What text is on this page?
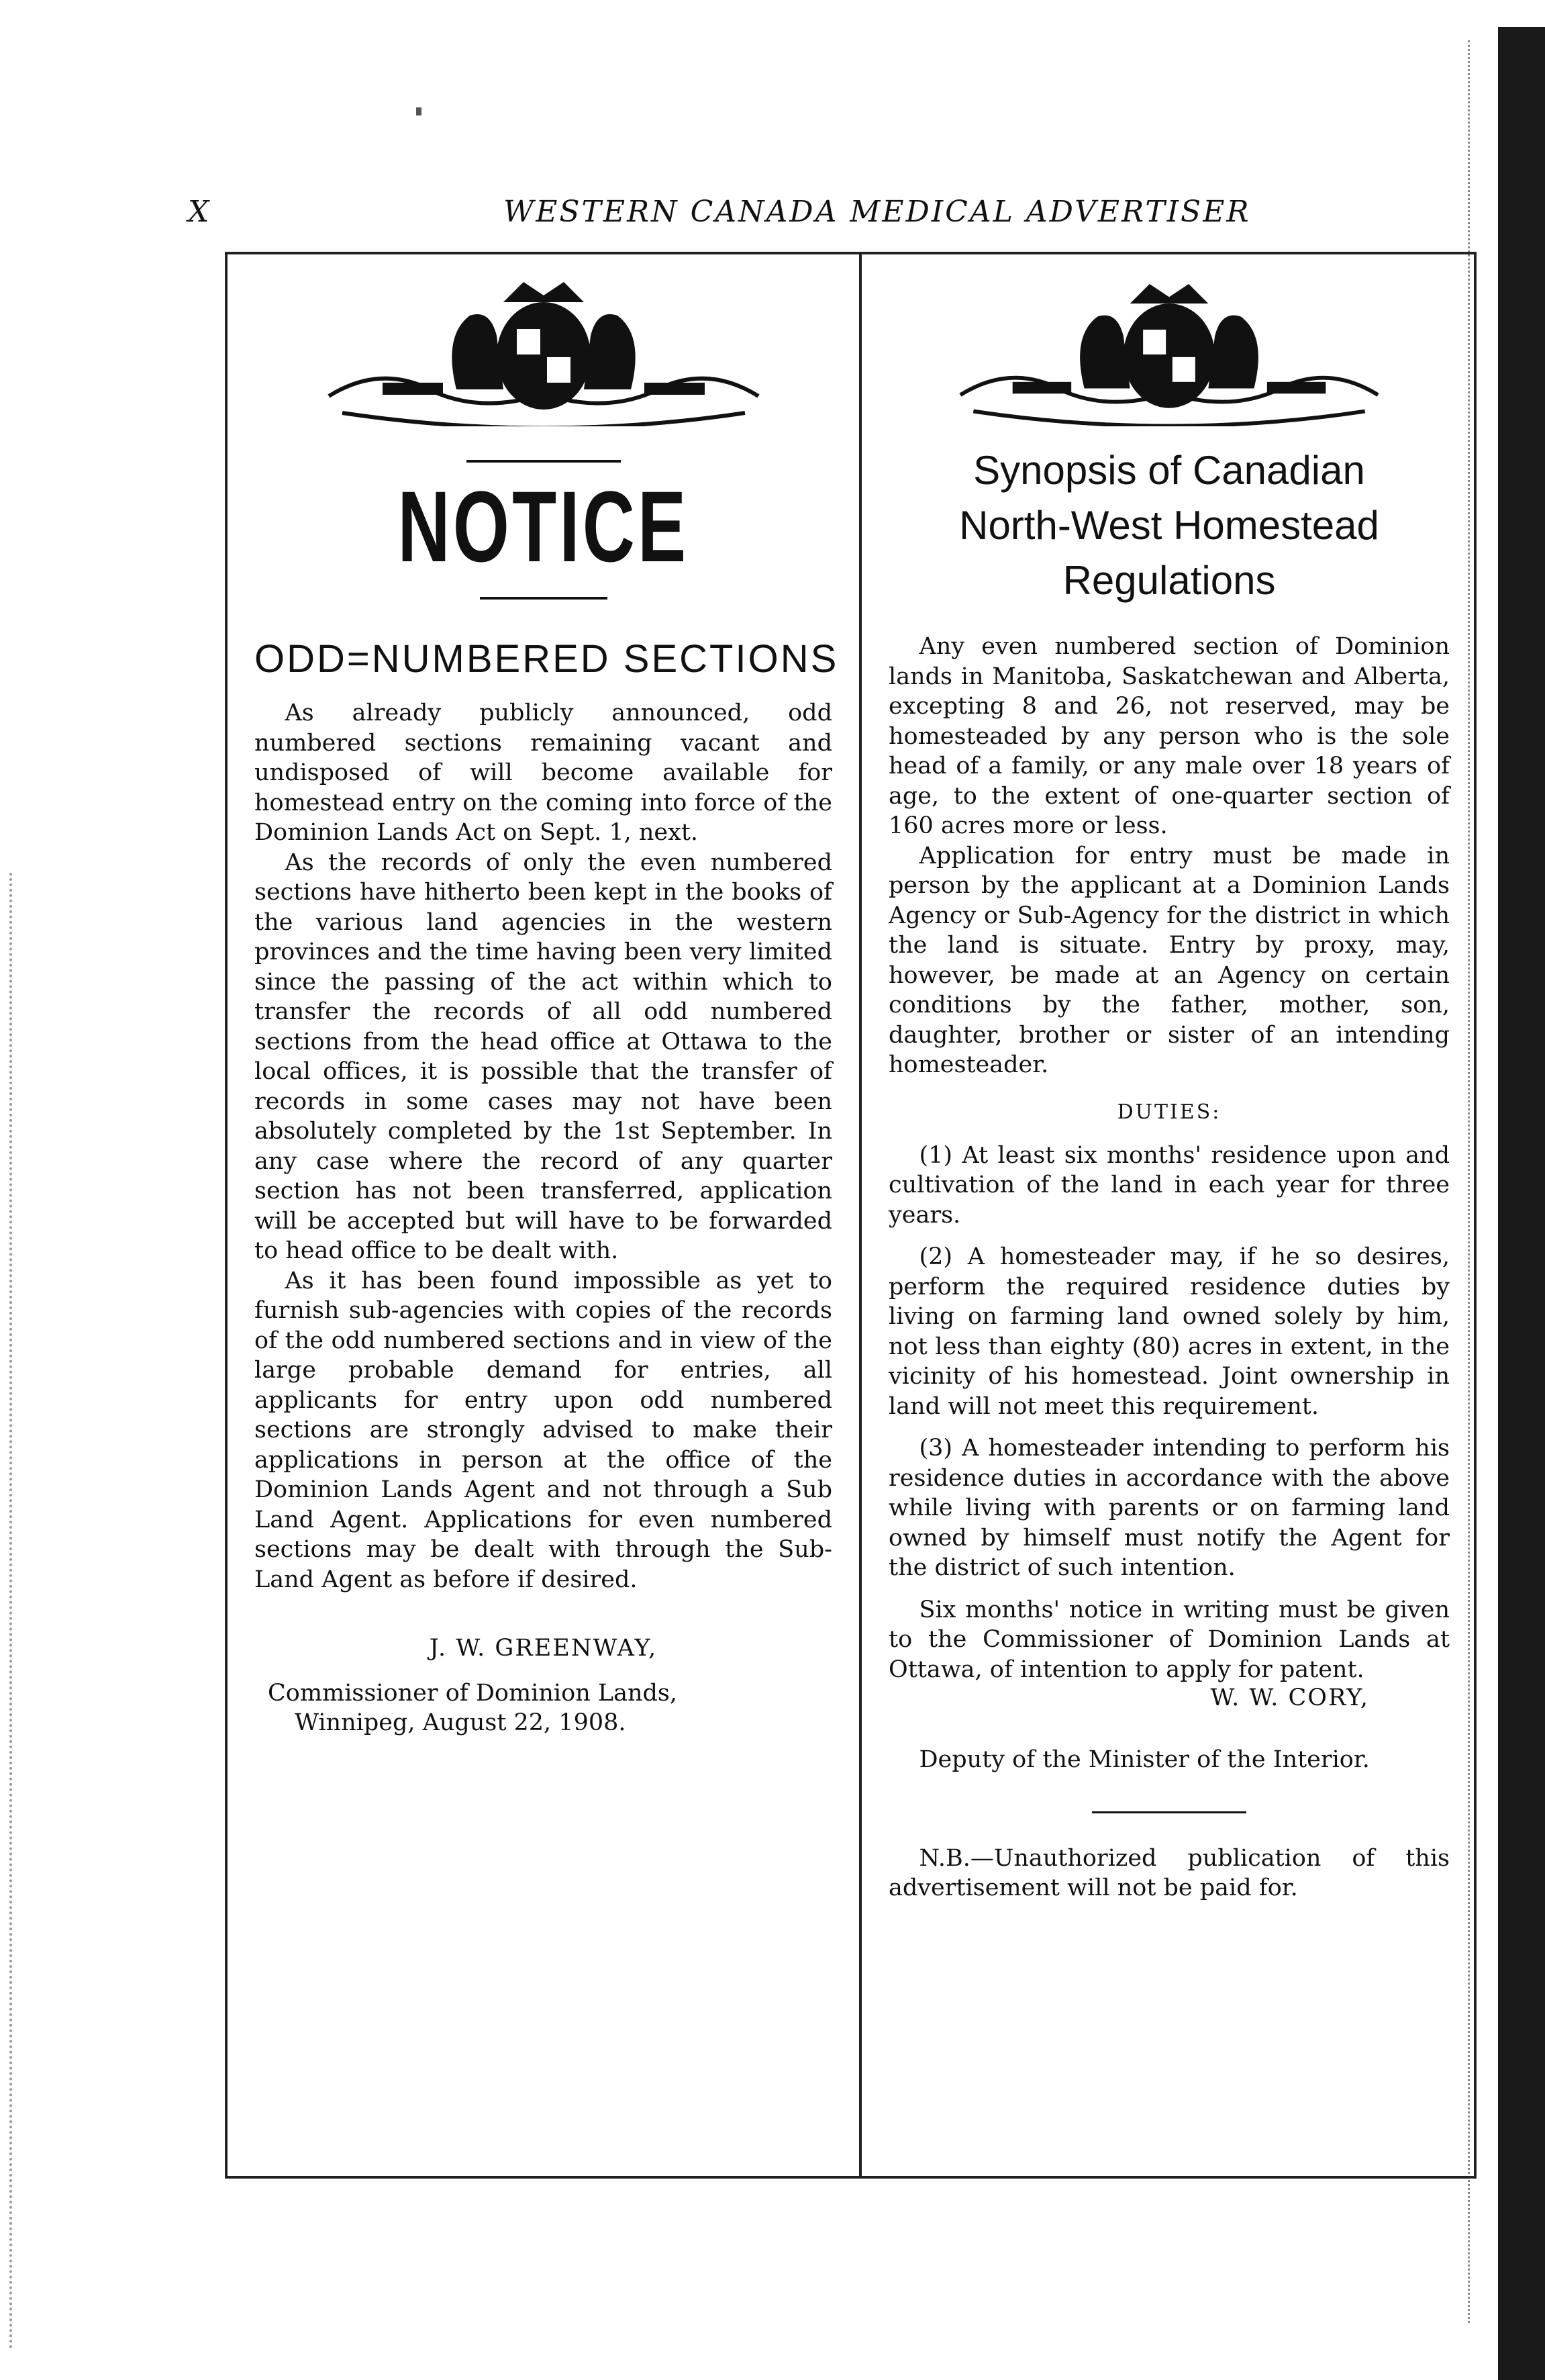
X	WESTERN CANADA MEDICAL ADVERTISER
NOTICE
ODD=NUMBERED SECTIONS

As already publicly announced, odd numbered sections remaining vacant and undisposed of will become available for homestead entry on the coming into force of the Dominion Lands Act on Sept. 1, next.

As the records of only the even numbered sections have hitherto been kept in the books of the various land agencies in the western provinces and the time having been very limited since the passing of the act within which to transfer the records of all odd numbered sections from the head office at Ottawa to the local offices, it is possible that the transfer of records in some cases may not have been absolutely completed by the 1st September. In any case where the record of any quarter section has not been transferred, application will be accepted but will have to be forwarded to head office to be dealt with.

As it has been found impossible as yet to furnish sub-agencies with copies of the records of the odd numbered sections and in view of the large probable demand for entries, all applicants for entry upon odd numbered sections are strongly advised to make their applications in person at the office of the Dominion Lands Agent and not through a Sub Land Agent. Applications for even numbered sections may be dealt with through the Sub-Land Agent as before if desired.

J. W. GREENWAY,

Commissioner of Dominion Lands,

Winnipeg, August 22, 1908.

Synopsis of Canadian
North-West Homestead
Regulations

Any even numbered section of Dominion lands in Manitoba, Saskatchewan and Alberta, excepting 8 and 26, not reserved, may be homesteaded by any person who is the sole head of a family, or any male over 18 years of age, to the extent of one-quarter section of 160 acres more or less.

Application for entry must be made in person by the applicant at a Dominion Lands Agency or Sub-Agency for the district in which the land is situate. Entry by proxy, may, however, be made at an Agency on certain conditions by the father, mother, son, daughter, brother or sister of an intending homesteader.

DUTIES:

(1) At least six months' residence upon and cultivation of the land in each year for three years.

(2) A homesteader may, if he so desires, perform the required residence duties by living on farming land owned solely by him, not less than eighty (80) acres in extent, in the vicinity of his homestead. Joint ownership in land will not meet this requirement.

(3) A homesteader intending to perform his residence duties in accordance with the above while living with parents or on farming land owned by himself must notify the Agent for the district of such intention.

Six months' notice in writing must be given to the Commissioner of Dominion Lands at Ottawa, of intention to apply for patent.

W. W. CORY,

Deputy of the Minister of the Interior.

N.B.—Unauthorized publication of this advertisement will not be paid for.
